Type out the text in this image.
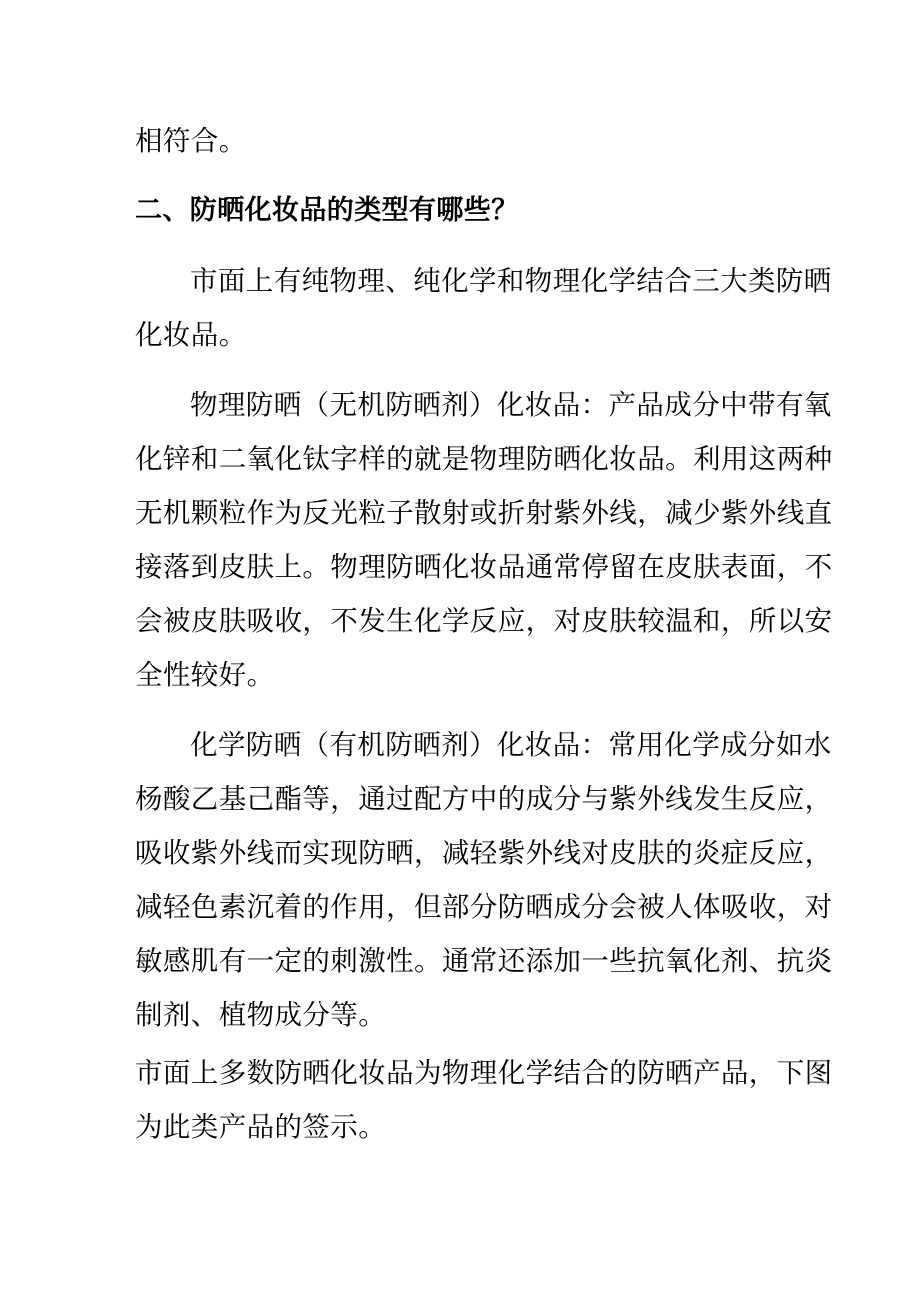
相符合。
二、防晒化妆品的类型有哪些？
市面上有纯物理、纯化学和物理化学结合三大类防晒
化妆品。
物理防晒（无机防晒剂）化妆品：产品成分中带有氧
化锌和二氧化钛字样的就是物理防晒化妆品。利用这两种
无机颗粒作为反光粒子散射或折射紫外线，减少紫外线直
接落到皮肤上。物理防晒化妆品通常停留在皮肤表面，不
会被皮肤吸收，不发生化学反应，对皮肤较温和，所以安
全性较好。
化学防晒（有机防晒剂）化妆品：常用化学成分如水
杨酸乙基己酯等，通过配方中的成分与紫外线发生反应，
吸收紫外线而实现防晒，减轻紫外线对皮肤的炎症反应，
减轻色素沉着的作用，但部分防晒成分会被人体吸收，对
敏感肌有一定的刺激性。通常还添加一些抗氧化剂、抗炎
制剂、植物成分等。
市面上多数防晒化妆品为物理化学结合的防晒产品，下图
为此类产品的签示。
